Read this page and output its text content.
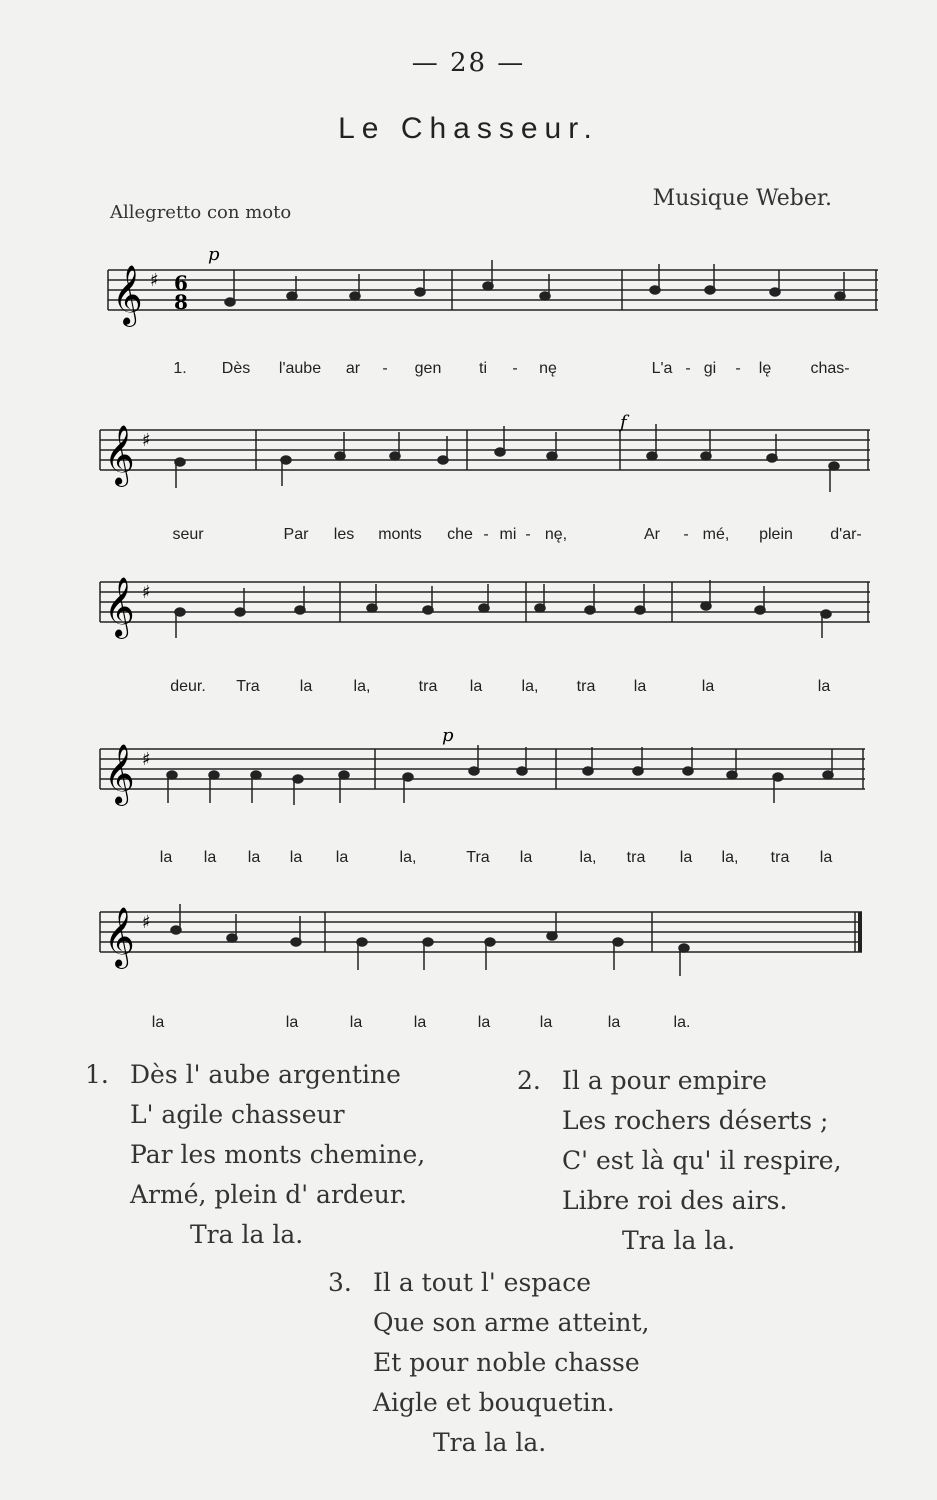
— 28 —
Le Chasseur.
Allegretto con moto
Musique Weber.
𝄞 ♯ 6
8
p
1. Dès l'aube ar - gen ti - nę	L'a - gi - lę chas-
𝄞 ♯
f
seur	Par les monts che - mi - nę,	Ar - mé, plein d'ar-
𝄞 ♯
deur. Tra	la	la,	tra la la, tra la	la	la
𝄞 ♯
p
la la la la la	la,	Tra la	la, tra la la, tra la
𝄞 ♯
la	la	la	la	la	la	la	la.
1. Dès l' aube argentine
L' agile chasseur
Par les monts chemine,
Armé, plein d' ardeur.
Tra la la.
2. Il a pour empire
Les rochers déserts ;
C' est là qu' il respire,
Libre roi des airs.
Tra la la.
3. Il a tout l' espace
Que son arme atteint,
Et pour noble chasse
Aigle et bouquetin.
Tra la la.
